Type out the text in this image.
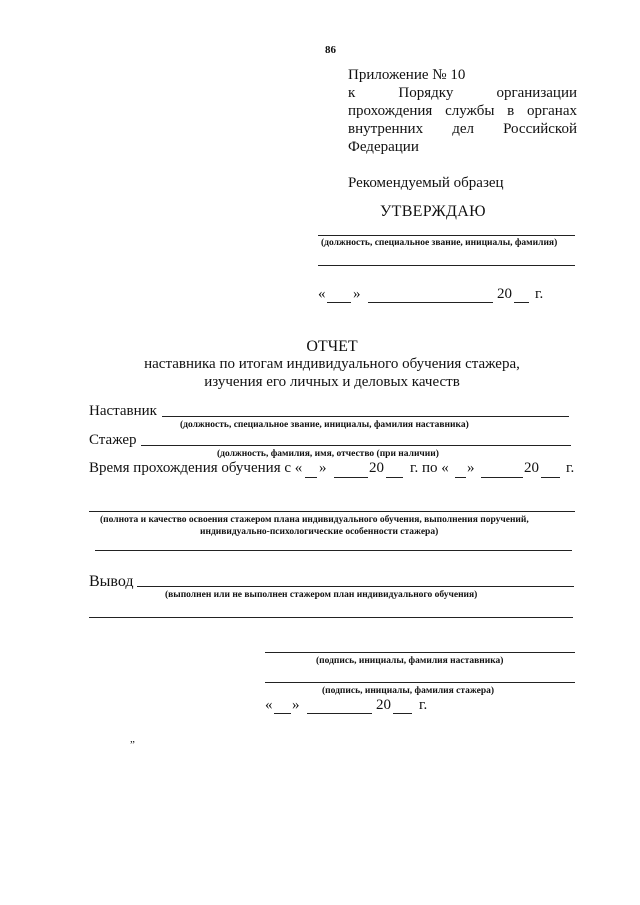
86
Приложение № 10
к	Порядку	организации
прохождения службы в органах
внутренних дел Российской
Федерации
Рекомендуемый образец
УТВЕРЖДАЮ
(должность, специальное звание, инициалы, фамилия)
« »	20 г.
ОТЧЕТ
наставника по итогам индивидуального обучения стажера,
изучения его личных и деловых качеств
Наставник
(должность, специальное звание, инициалы, фамилия наставника)
Стажер
(должность, фамилия, имя, отчество (при наличии)
Время прохождения обучения с « »	20 г. по « »	20 г.
(полнота и качество освоения стажером плана индивидуального обучения, выполнения поручений,
индивидуально-психологические особенности стажера)
Вывод
(выполнен или не выполнен стажером план индивидуального обучения)
(подпись, инициалы, фамилия наставника)
(подпись, инициалы, фамилия стажера)
« »	20 г.
„
